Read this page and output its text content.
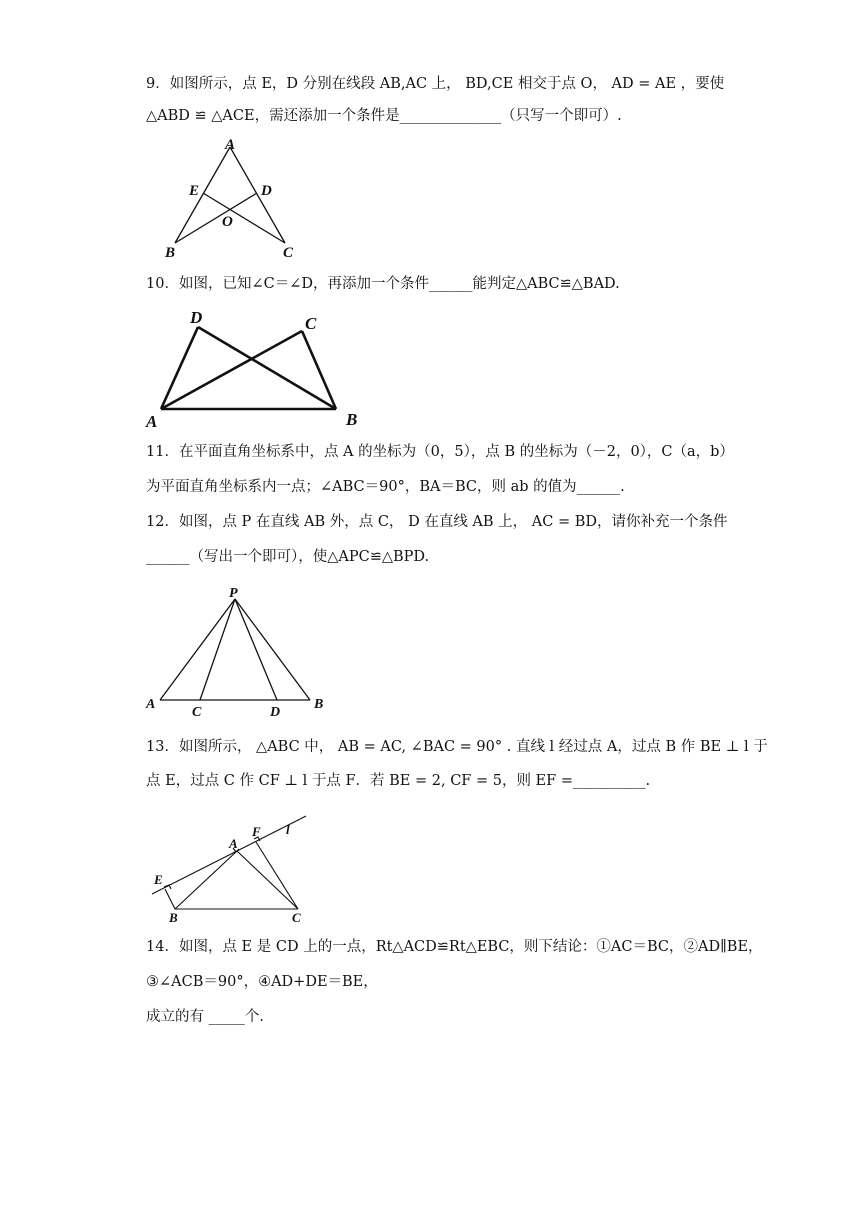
9．如图所示，点 E，D 分别在线段 AB,AC 上， BD,CE 相交于点 O， AD = AE ，要使
△ABD ≌ △ACE，需还添加一个条件是______________（只写一个即可）.
A
E	D
O
B	C
10．如图，已知∠C＝∠D，再添加一个条件______能判定△ABC≌△BAD.
D	C
A	B
11．在平面直角坐标系中，点 A 的坐标为（0，5），点 B 的坐标为（－2，0），C（a，b）
为平面直角坐标系内一点；∠ABC＝90°，BA＝BC，则 ab 的值为______.
12．如图，点 P 在直线 AB 外，点 C， D 在直线 AB 上， AC = BD，请你补充一个条件
______（写出一个即可），使△APC≌△BPD.
P
A
C	D
B
13．如图所示， △ABC 中， AB = AC, ∠BAC = 90° . 直线 l 经过点 A，过点 B 作 BE ⊥ l 于
点 E，过点 C 作 CF ⊥ l 于点 F．若 BE = 2, CF = 5，则 EF =__________.
A
F l
E
B	C
14．如图，点 E 是 CD 上的一点，Rt△ACD≌Rt△EBC，则下结论：①AC＝BC，②AD∥BE，
③∠ACB＝90°，④AD+DE＝BE，
成立的有 _____个.
